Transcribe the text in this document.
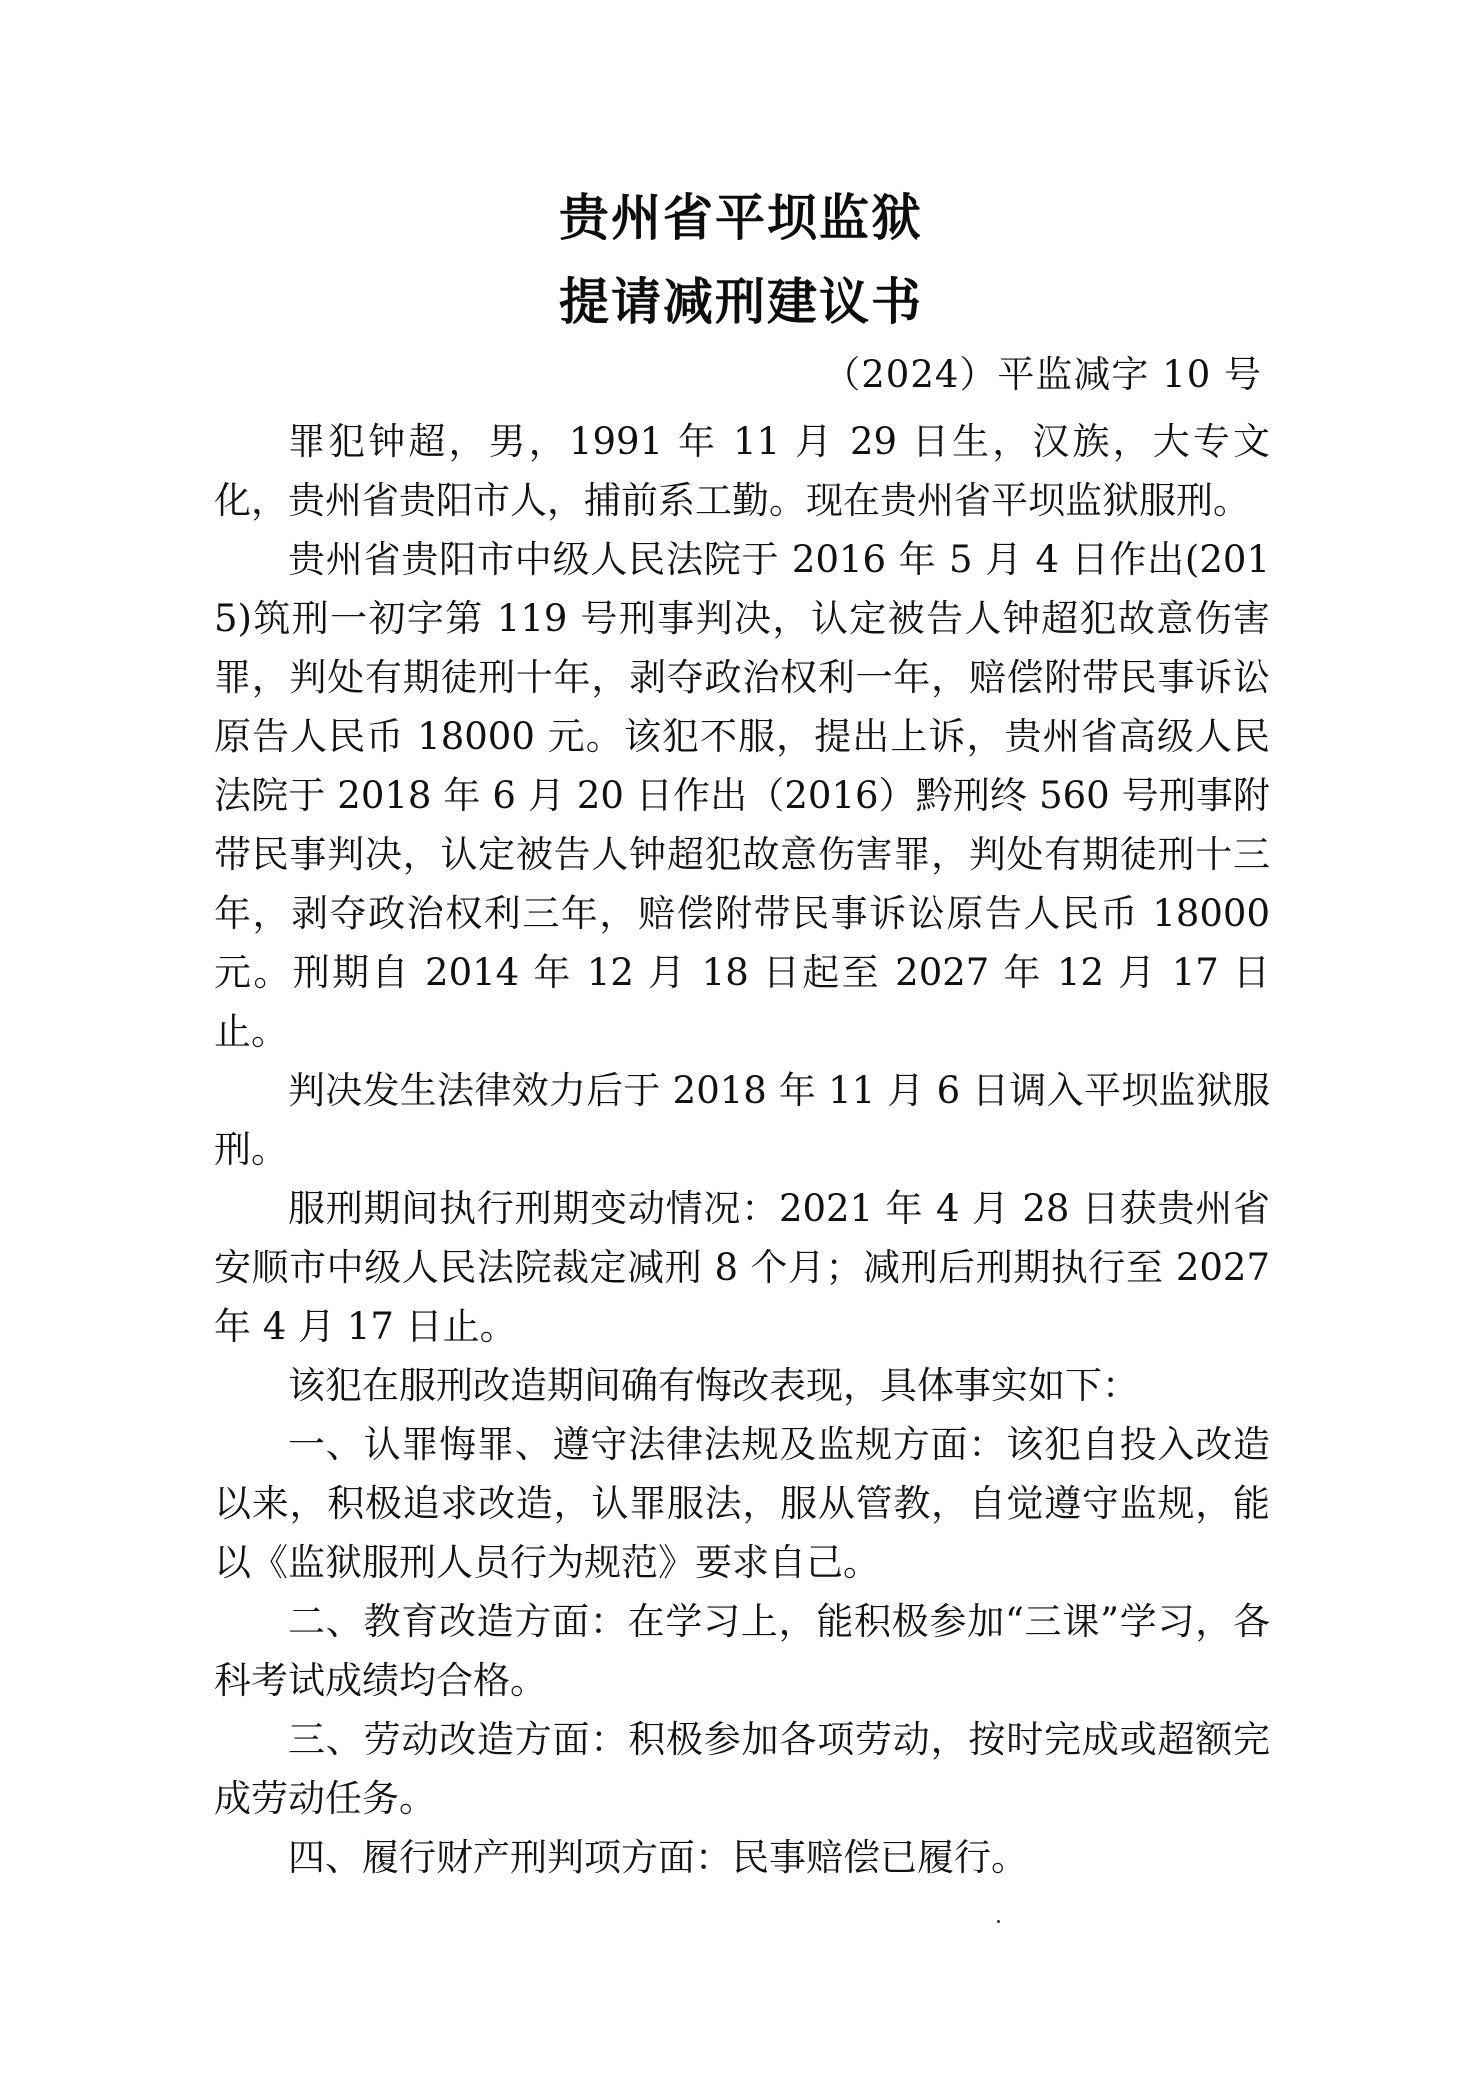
贵州省平坝监狱
提请减刑建议书
（2024）平监减字 10 号

罪犯钟超，男，1991 年 11 月 29 日生，汉族，大专文化，贵州省贵阳市人，捕前系工勤。现在贵州省平坝监狱服刑。

贵州省贵阳市中级人民法院于 2016 年 5 月 4 日作出(2015)筑刑一初字第 119 号刑事判决，认定被告人钟超犯故意伤害罪，判处有期徒刑十年，剥夺政治权利一年，赔偿附带民事诉讼原告人民币 18000 元。该犯不服，提出上诉，贵州省高级人民法院于 2018 年 6 月 20 日作出（2016）黔刑终 560 号刑事附带民事判决，认定被告人钟超犯故意伤害罪，判处有期徒刑十三年，剥夺政治权利三年，赔偿附带民事诉讼原告人民币 18000 元。刑期自 2014 年 12 月 18 日起至 2027 年 12 月 17 日止。

判决发生法律效力后于 2018 年 11 月 6 日调入平坝监狱服刑。

服刑期间执行刑期变动情况：2021 年 4 月 28 日获贵州省安顺市中级人民法院裁定减刑 8 个月；减刑后刑期执行至 2027 年 4 月 17 日止。

该犯在服刑改造期间确有悔改表现，具体事实如下：

一、认罪悔罪、遵守法律法规及监规方面：该犯自投入改造以来，积极追求改造，认罪服法，服从管教，自觉遵守监规，能以《监狱服刑人员行为规范》要求自己。

二、教育改造方面：在学习上，能积极参加“三课”学习，各科考试成绩均合格。

三、劳动改造方面：积极参加各项劳动，按时完成或超额完成劳动任务。

四、履行财产刑判项方面：民事赔偿已履行。
